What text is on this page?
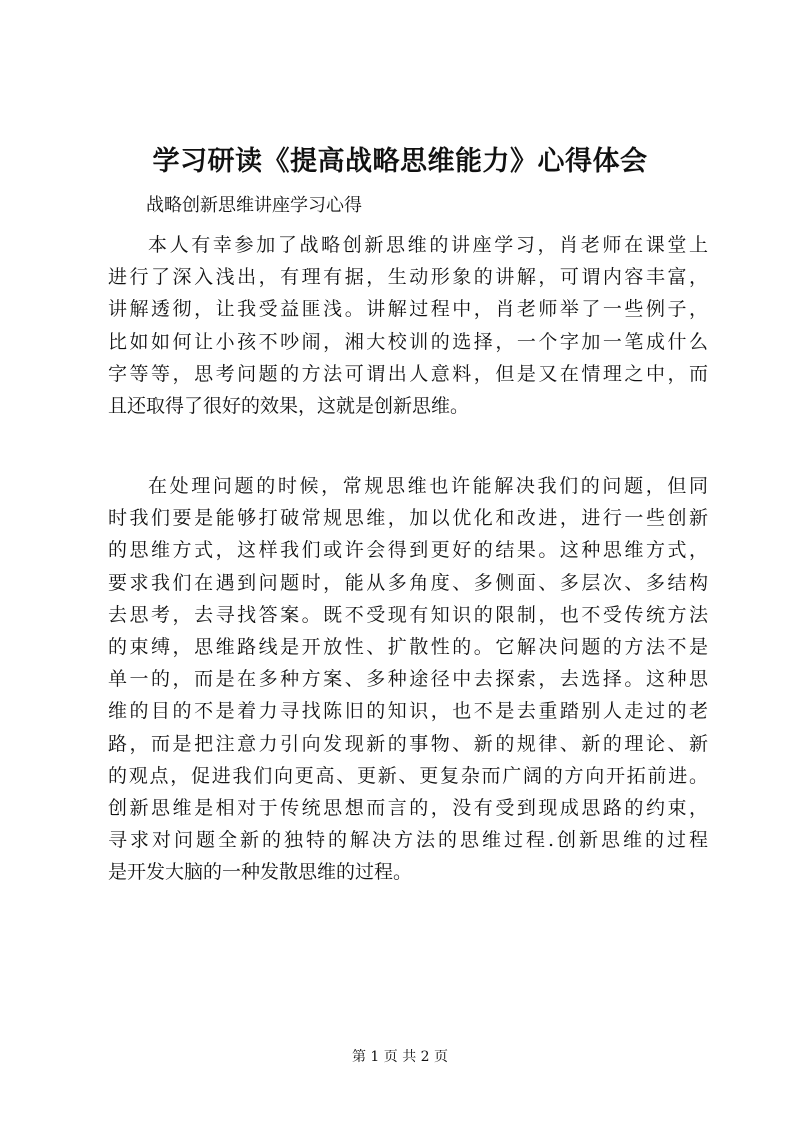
学习研读《提高战略思维能力》心得体会
战略创新思维讲座学习心得
本人有幸参加了战略创新思维的讲座学习，肖老师在课堂上
进行了深入浅出，有理有据，生动形象的讲解，可谓内容丰富，
讲解透彻，让我受益匪浅。讲解过程中，肖老师举了一些例子，
比如如何让小孩不吵闹，湘大校训的选择，一个字加一笔成什么
字等等，思考问题的方法可谓出人意料，但是又在情理之中，而
且还取得了很好的效果，这就是创新思维。
在处理问题的时候，常规思维也许能解决我们的问题，但同
时我们要是能够打破常规思维，加以优化和改进，进行一些创新
的思维方式，这样我们或许会得到更好的结果。这种思维方式，
要求我们在遇到问题时，能从多角度、多侧面、多层次、多结构
去思考，去寻找答案。既不受现有知识的限制，也不受传统方法
的束缚，思维路线是开放性、扩散性的。它解决问题的方法不是
单一的，而是在多种方案、多种途径中去探索，去选择。这种思
维的目的不是着力寻找陈旧的知识，也不是去重踏别人走过的老
路，而是把注意力引向发现新的事物、新的规律、新的理论、新
的观点，促进我们向更高、更新、更复杂而广阔的方向开拓前进。
创新思维是相对于传统思想而言的，没有受到现成思路的约束，
寻求对问题全新的独特的解决方法的思维过程.创新思维的过程
是开发大脑的一种发散思维的过程。
第 1 页 共 2 页
